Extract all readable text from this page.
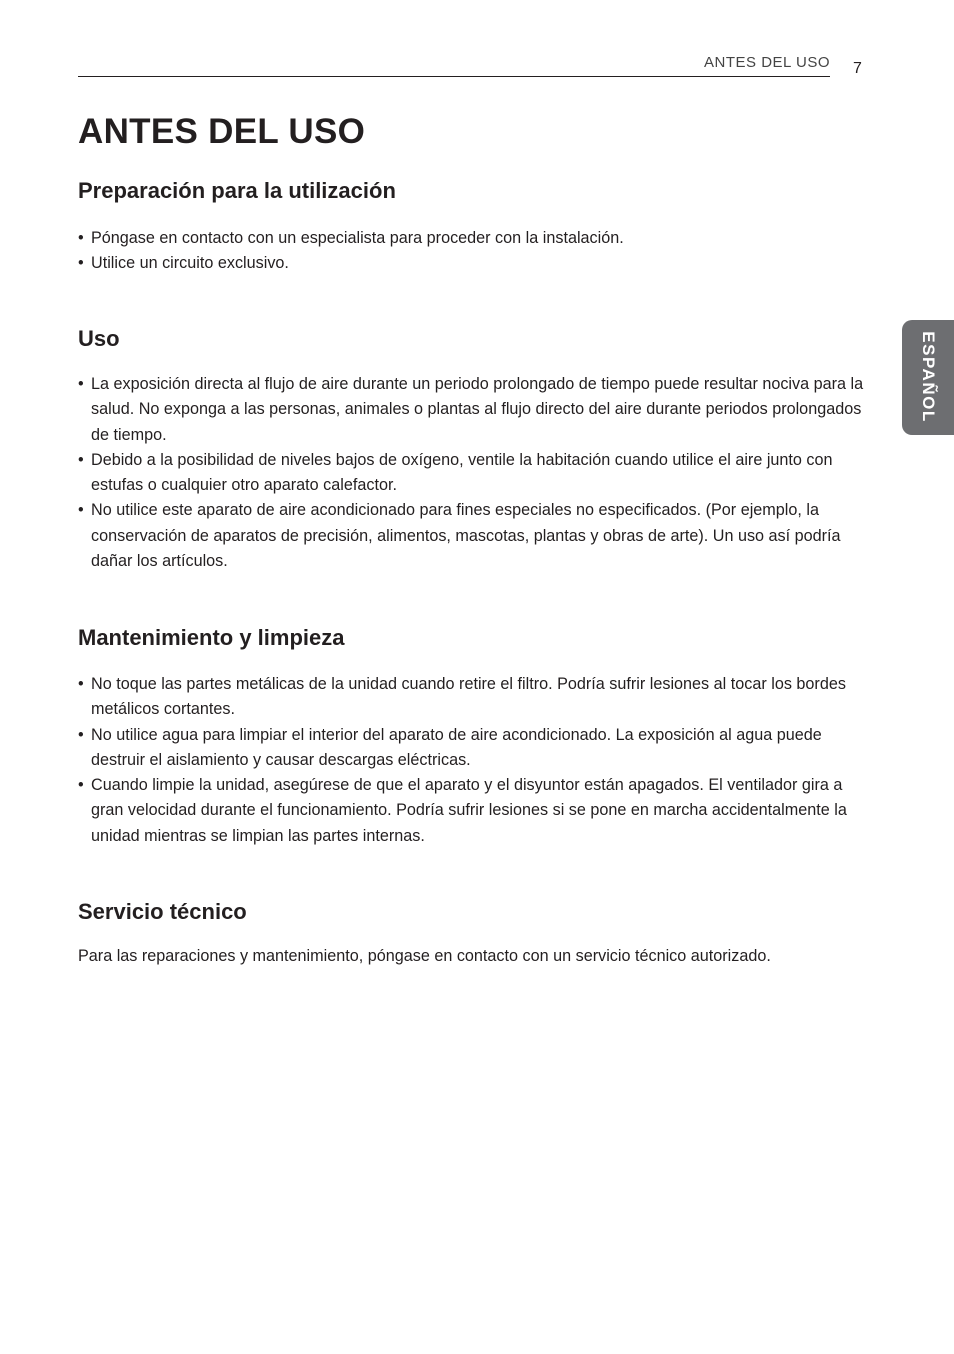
ANTES DEL USO 7
ESPAÑOL
ANTES DEL USO
Preparación para la utilización
• Póngase en contacto con un especialista para proceder con la instalación.
• Utilice un circuito exclusivo.
Uso
• La exposición directa al flujo de aire durante un periodo prolongado de tiempo puede resultar nociva para la salud. No exponga a las personas, animales o plantas al flujo directo del aire durante periodos prolongados de tiempo.
• Debido a la posibilidad de niveles bajos de oxígeno, ventile la habitación cuando utilice el aire junto con estufas o cualquier otro aparato calefactor.
• No utilice este aparato de aire acondicionado para fines especiales no especificados. (Por ejemplo, la conservación de aparatos de precisión, alimentos, mascotas, plantas y obras de arte). Un uso así podría dañar los artículos.
Mantenimiento y limpieza
• No toque las partes metálicas de la unidad cuando retire el filtro. Podría sufrir lesiones al tocar los bordes metálicos cortantes.
• No utilice agua para limpiar el interior del aparato de aire acondicionado. La exposición al agua puede destruir el aislamiento y causar descargas eléctricas.
• Cuando limpie la unidad, asegúrese de que el aparato y el disyuntor están apagados. El ventilador gira a gran velocidad durante el funcionamiento. Podría sufrir lesiones si se pone en marcha accidentalmente la unidad mientras se limpian las partes internas.
Servicio técnico

Para las reparaciones y mantenimiento, póngase en contacto con un servicio técnico autorizado.
